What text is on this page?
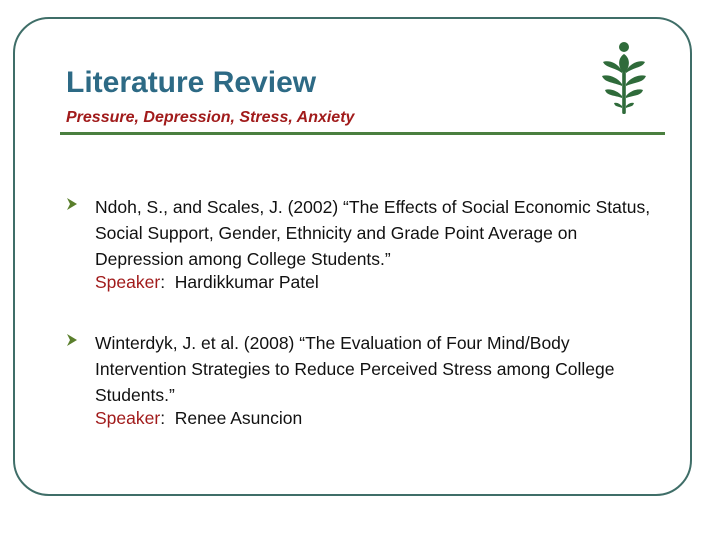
Literature Review
Pressure, Depression, Stress, Anxiety
Ndoh, S., and Scales, J. (2002) “The Effects of Social Economic Status, Social Support, Gender, Ethnicity and Grade Point Average on Depression among College Students.”
Speaker:  Hardikkumar Patel
Winterdyk, J. et al. (2008) “The Evaluation of Four Mind/Body Intervention Strategies to Reduce Perceived Stress among College Students.”
Speaker:  Renee Asuncion
